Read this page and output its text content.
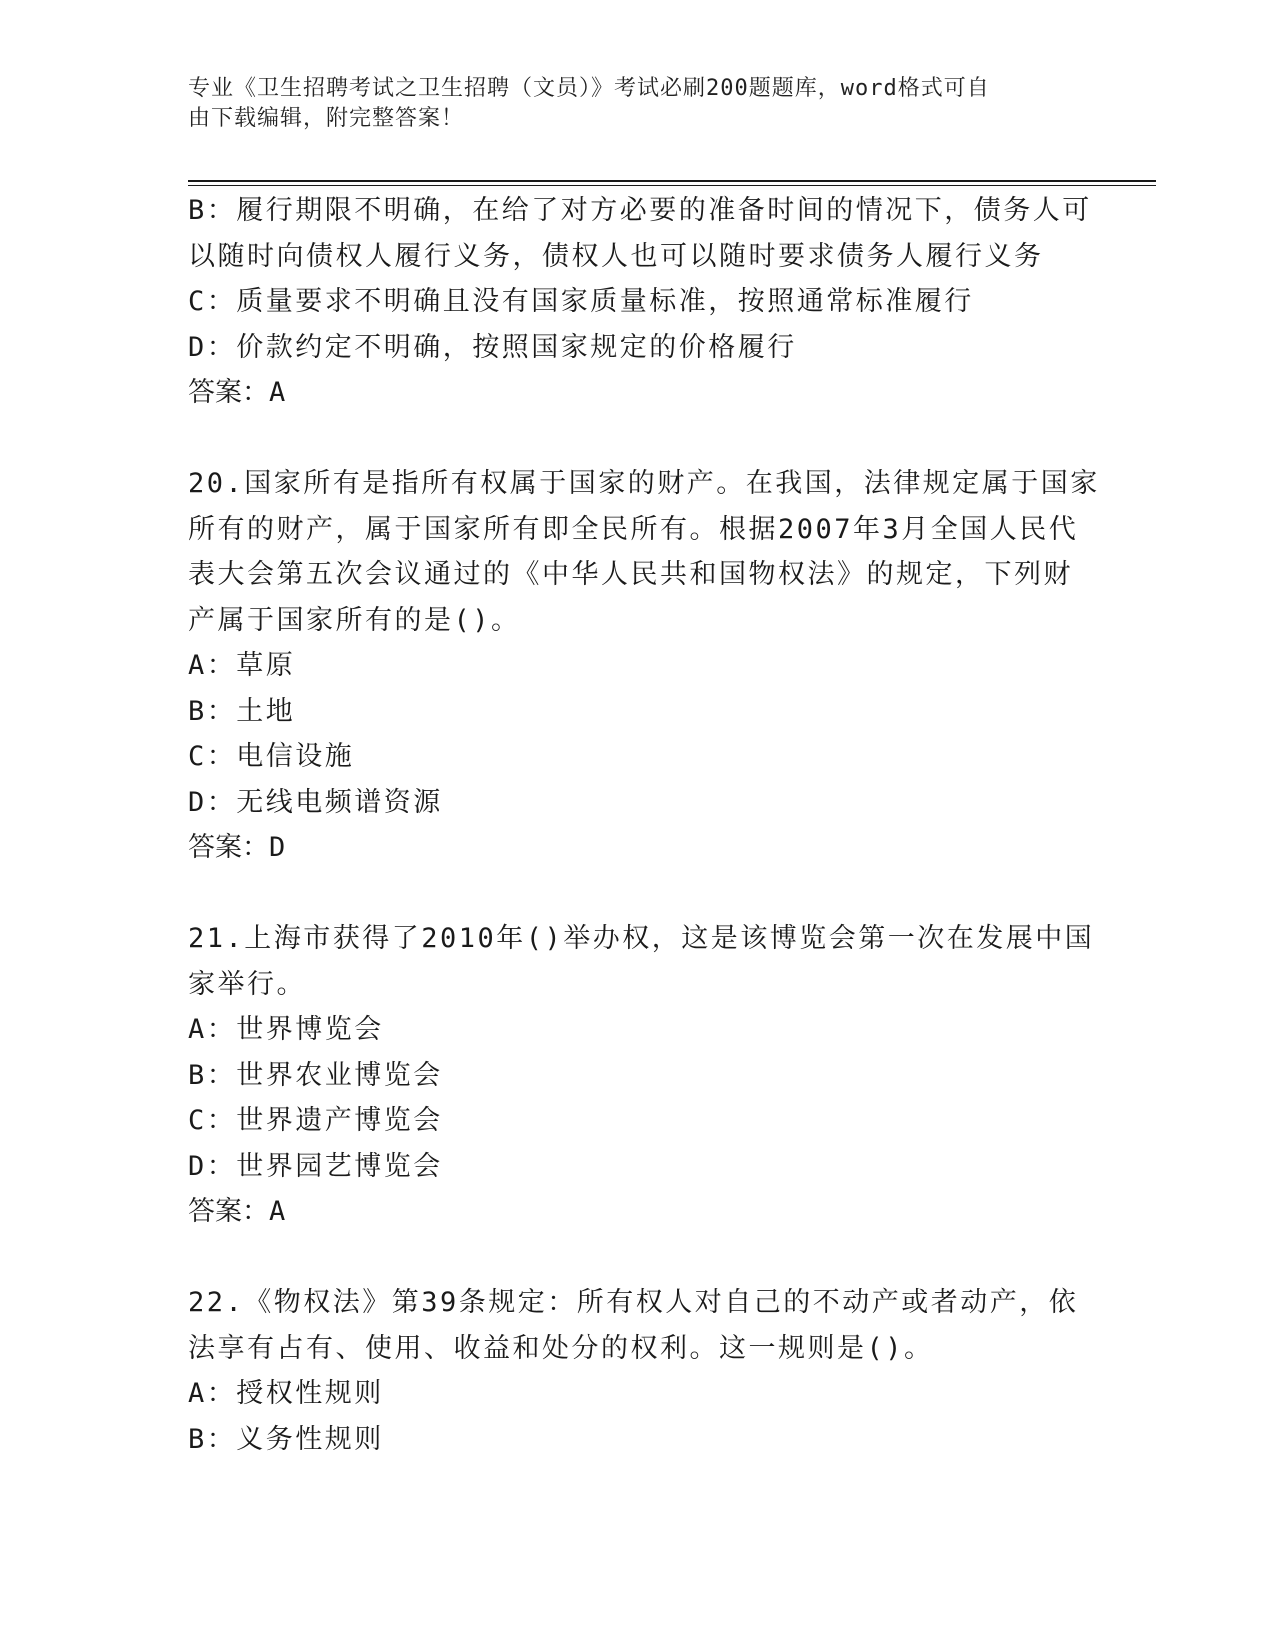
专业《卫生招聘考试之卫生招聘（文员）》考试必刷200题题库，word格式可自
由下载编辑，附完整答案！
B：履行期限不明确，在给了对方必要的准备时间的情况下，债务人可
以随时向债权人履行义务，债权人也可以随时要求债务人履行义务
C：质量要求不明确且没有国家质量标准，按照通常标准履行
D：价款约定不明确，按照国家规定的价格履行
答案：A
20.国家所有是指所有权属于国家的财产。在我国，法律规定属于国家
所有的财产，属于国家所有即全民所有。根据2007年3月全国人民代
表大会第五次会议通过的《中华人民共和国物权法》的规定，下列财
产属于国家所有的是()。
A：草原
B：土地
C：电信设施
D：无线电频谱资源
答案：D
21.上海市获得了2010年()举办权，这是该博览会第一次在发展中国
家举行。
A：世界博览会
B：世界农业博览会
C：世界遗产博览会
D：世界园艺博览会
答案：A
22.《物权法》第39条规定：所有权人对自己的不动产或者动产，依
法享有占有、使用、收益和处分的权利。这一规则是()。
A：授权性规则
B：义务性规则
